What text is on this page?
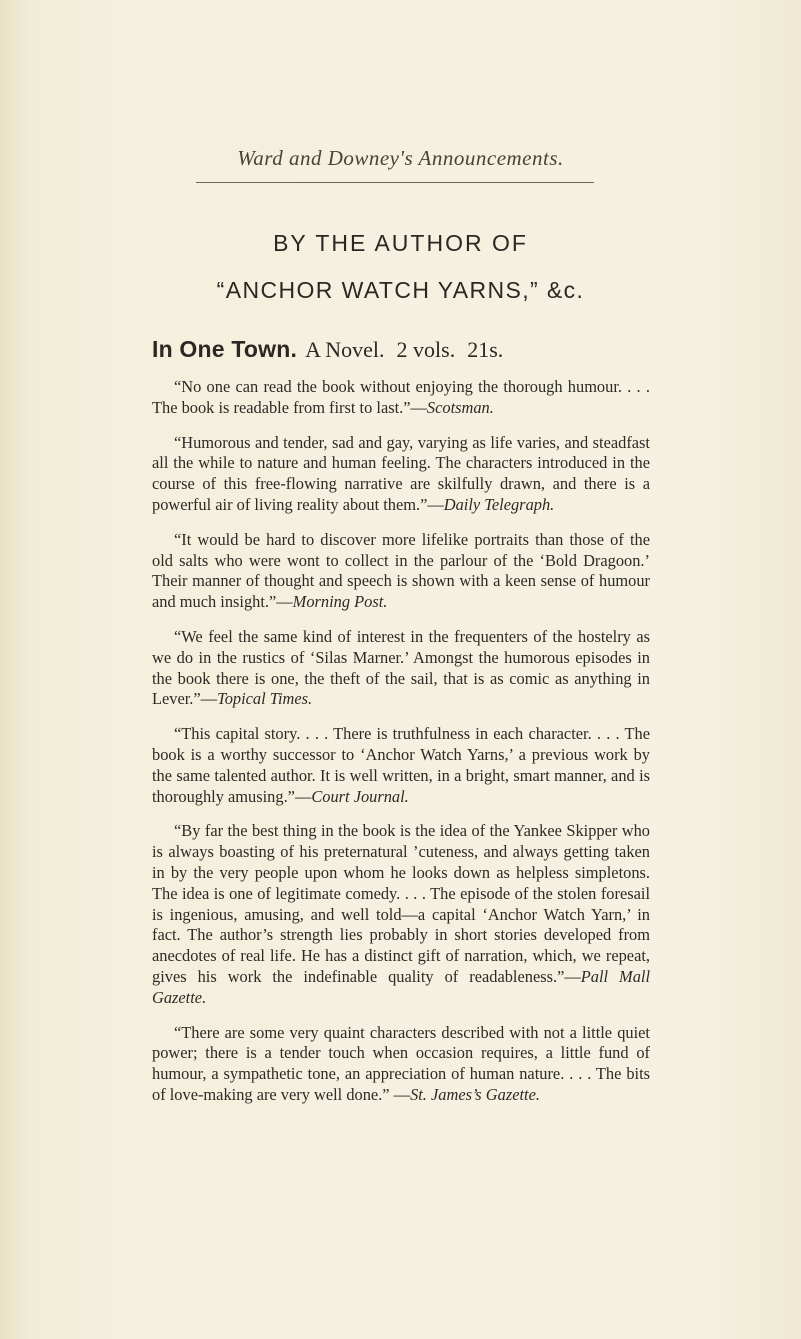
Ward and Downey's Announcements.
BY THE AUTHOR OF
“ANCHOR WATCH YARNS,” &c.
In One Town. A Novel. 2 vols. 21s.

“No one can read the book without enjoying the thorough humour. . . . The book is readable from first to last.”—Scotsman.

“Humorous and tender, sad and gay, varying as life varies, and steadfast all the while to nature and human feeling. The characters introduced in the course of this free-flowing narrative are skilfully drawn, and there is a powerful air of living reality about them.”—Daily Telegraph.

“It would be hard to discover more lifelike portraits than those of the old salts who were wont to collect in the parlour of the ‘Bold Dragoon.’ Their manner of thought and speech is shown with a keen sense of humour and much insight.”—Morning Post.

“We feel the same kind of interest in the frequenters of the hostelry as we do in the rustics of ‘Silas Marner.’ Amongst the humorous episodes in the book there is one, the theft of the sail, that is as comic as anything in Lever.”—Topical Times.

“This capital story. . . . There is truthfulness in each character. . . . The book is a worthy successor to ‘Anchor Watch Yarns,’ a previous work by the same talented author. It is well written, in a bright, smart manner, and is thoroughly amusing.”—Court Journal.

“By far the best thing in the book is the idea of the Yankee Skipper who is always boasting of his preternatural ’cuteness, and always getting taken in by the very people upon whom he looks down as helpless simpletons. The idea is one of legitimate comedy. . . . The episode of the stolen foresail is ingenious, amusing, and well told—a capital ‘Anchor Watch Yarn,’ in fact. The author’s strength lies probably in short stories developed from anecdotes of real life. He has a distinct gift of narration, which, we repeat, gives his work the indefinable quality of readableness.”—Pall Mall Gazette.

“There are some very quaint characters described with not a little quiet power; there is a tender touch when occasion requires, a little fund of humour, a sympathetic tone, an appreciation of human nature. . . . The bits of love-making are very well done.” —St. James’s Gazette.
